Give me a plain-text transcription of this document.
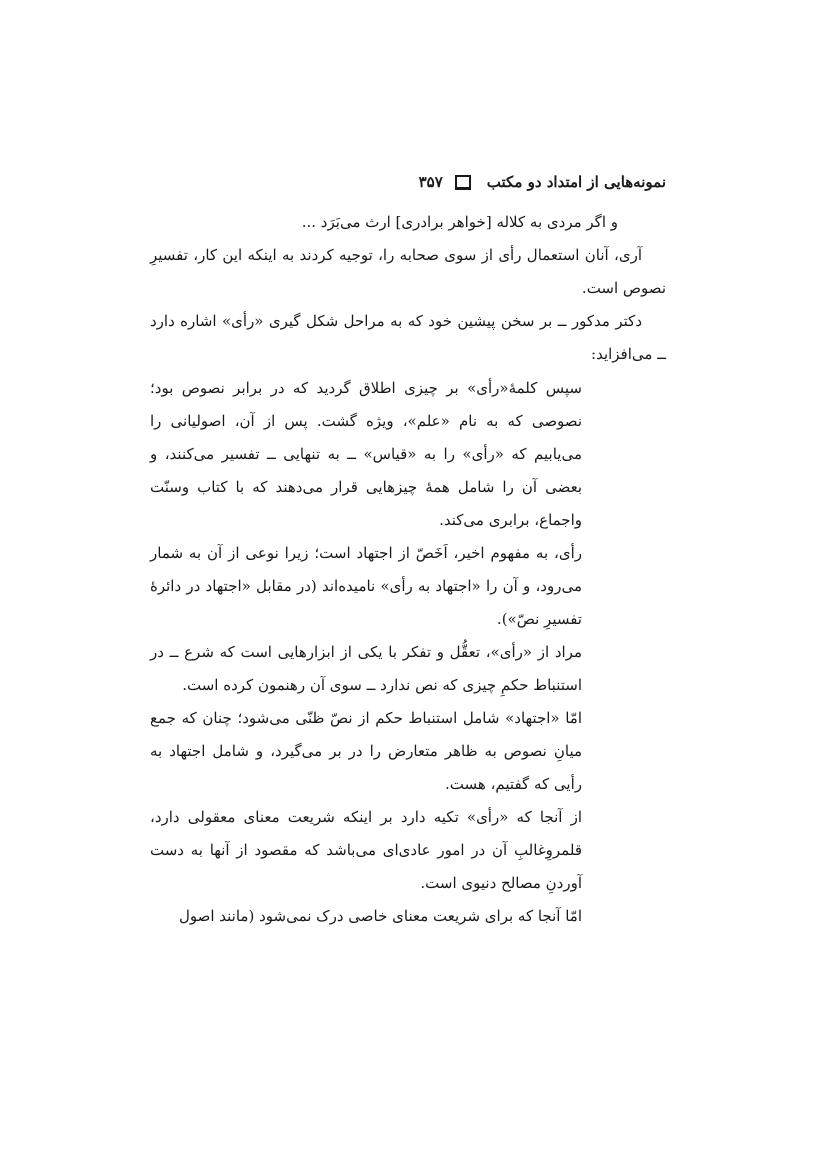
نمونه‌هایی از امتداد دو مکتب
۳۵۷

و اگر مردی به کلاله [خواهر برادری] ارث می‌بَرَد ...

آری، آنان استعمال رأی از سوی صحابه را، توجیه کردند به اینکه این کار، تفسیرِ نصوص است.

دکتر مدکور ــ بر سخن پیشین خود که به مراحل شکل گیری «رأی» اشاره دارد ــ می‌افزاید:

سپس کلمهٔ«رأی» بر چیزی اطلاق گردید که در برابر نصوص بود؛ نصوصی که به نام «علم»، ویژه گشت. پس از آن، اصولیانی را می‌یابیم که «رأی» را به «قیاس» ــ به تنهایی ــ تفسیر می‌کنند، و بعضی آن را شامل همهٔ چیزهایی قرار می‌دهند که با کتاب وسنّت واجماع، برابری می‌کند.

رأی، به مفهوم اخیر، اَخَصّ از اجتهاد است؛ زیرا نوعی از آن به شمار می‌رود، و آن را «اجتهاد به رأی» نامیده‌اند (در مقابل «اجتهاد در دائرهٔ تفسیرِ نصّ»).

مراد از «رأی»، تعقُّل و تفکر با یکی از ابزارهایی است که شرع ــ در استنباط حکمِ چیزی که نص ندارد ــ سوی آن رهنمون کرده است.

امّا «اجتهاد» شامل استنباط حکم از نصّ ظنّی می‌شود؛ چنان که جمع میانِ نصوص به ظاهر متعارض را در بر می‌گیرد، و شامل اجتهاد به رأیی که گفتیم، هست.

از آنجا که «رأی» تکیه دارد بر اینکه شریعت معنای معقولی دارد، قلمروِغالبِ آن در امور عادی‌ای می‌باشد که مقصود از آنها به دست آوردنِ مصالح دنیوی است.

امّا آنجا که برای شریعت معنای خاصی درک نمی‌شود (مانند اصول
